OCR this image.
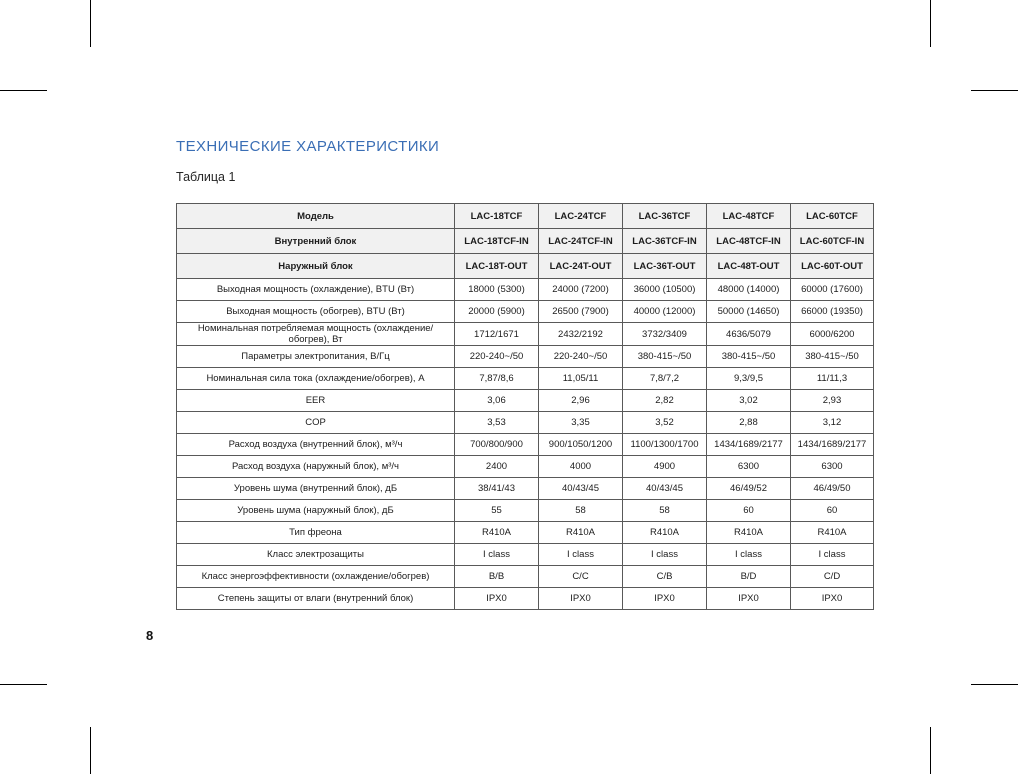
ТЕХНИЧЕСКИЕ ХАРАКТЕРИСТИКИ
Таблица 1
Модель	LAC-18TCF	LAC-24TCF	LAC-36TCF	LAC-48TCF	LAC-60TCF
Внутренний блок	LAC-18TCF-IN	LAC-24TCF-IN	LAC-36TCF-IN	LAC-48TCF-IN	LAC-60TCF-IN
Наружный блок	LAC-18T-OUT	LAC-24T-OUT	LAC-36T-OUT	LAC-48T-OUT	LAC-60T-OUT
Выходная мощность (охлаждение), BTU (Вт)	18000 (5300)	24000 (7200)	36000 (10500)	48000 (14000)	60000 (17600)
Выходная мощность (обогрев), BTU (Вт)	20000 (5900)	26500 (7900)	40000 (12000)	50000 (14650)	66000 (19350)
Номинальная потребляемая мощность (охлаждение/обогрев), Вт	1712/1671	2432/2192	3732/3409	4636/5079	6000/6200
Параметры электропитания, В/Гц	220-240~/50	220-240~/50	380-415~/50	380-415~/50	380-415~/50
Номинальная сила тока (охлаждение/обогрев), А	7,87/8,6	11,05/11	7,8/7,2	9,3/9,5	11/11,3
EER	3,06	2,96	2,82	3,02	2,93
COP	3,53	3,35	3,52	2,88	3,12
Расход воздуха (внутренний блок), м³/ч	700/800/900	900/1050/1200	1100/1300/1700	1434/1689/2177	1434/1689/2177
Расход воздуха (наружный блок), м³/ч	2400	4000	4900	6300	6300
Уровень шума (внутренний блок), дБ	38/41/43	40/43/45	40/43/45	46/49/52	46/49/50
Уровень шума (наружный блок), дБ	55	58	58	60	60
Тип фреона	R410A	R410A	R410A	R410A	R410A
Класс электрозащиты	I class	I class	I class	I class	I class
Класс энергоэффективности (охлаждение/обогрев)	B/B	C/C	C/B	B/D	C/D
Степень защиты от влаги (внутренний блок)	IPX0	IPX0	IPX0	IPX0	IPX0
8
